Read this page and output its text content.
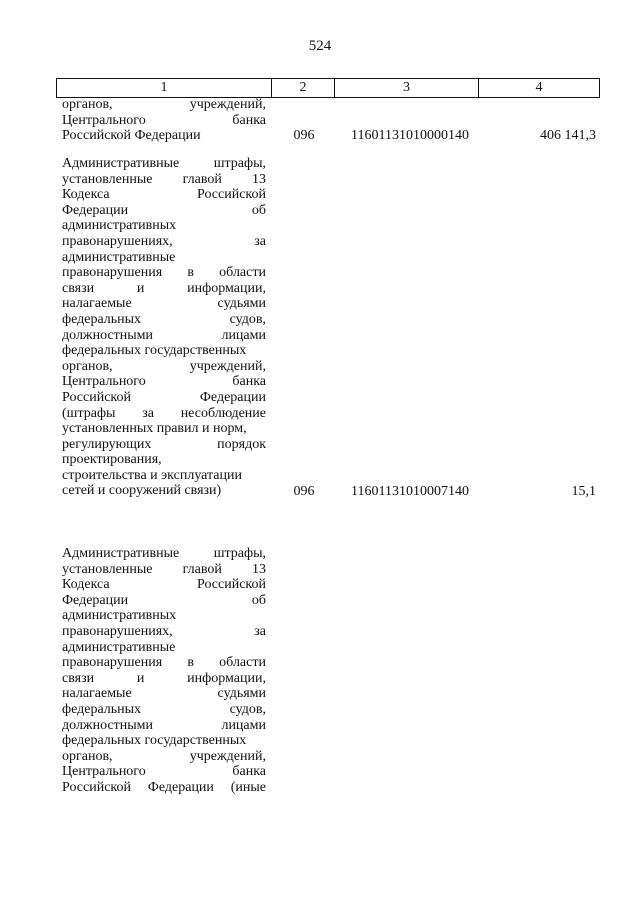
524
1	2	3	4
органов,	учреждений,
Центрального	банка
Российской Федерации	096	11601131010000140	406 141,3
Административные штрафы,
установленные главой 13
Кодекса	Российской
Федерации	об
административных
правонарушениях,	за
административные
правонарушения в области
связи	и	информации,
налагаемые	судьями
федеральных	судов,
должностными	лицами
федеральных государственных
органов,	учреждений,
Центрального	банка
Российской	Федерации
(штрафы за несоблюдение
установленных правил и норм,
регулирующих	порядок
проектирования,
строительства и эксплуатации
сетей и сооружений связи)	096	11601131010007140	15,1
Административные штрафы,
установленные главой 13
Кодекса	Российской
Федерации	об
административных
правонарушениях,	за
административные
правонарушения в области
связи	и	информации,
налагаемые	судьями
федеральных	судов,
должностными	лицами
федеральных государственных
органов,	учреждений,
Центрального	банка
Российской Федерации (иные
